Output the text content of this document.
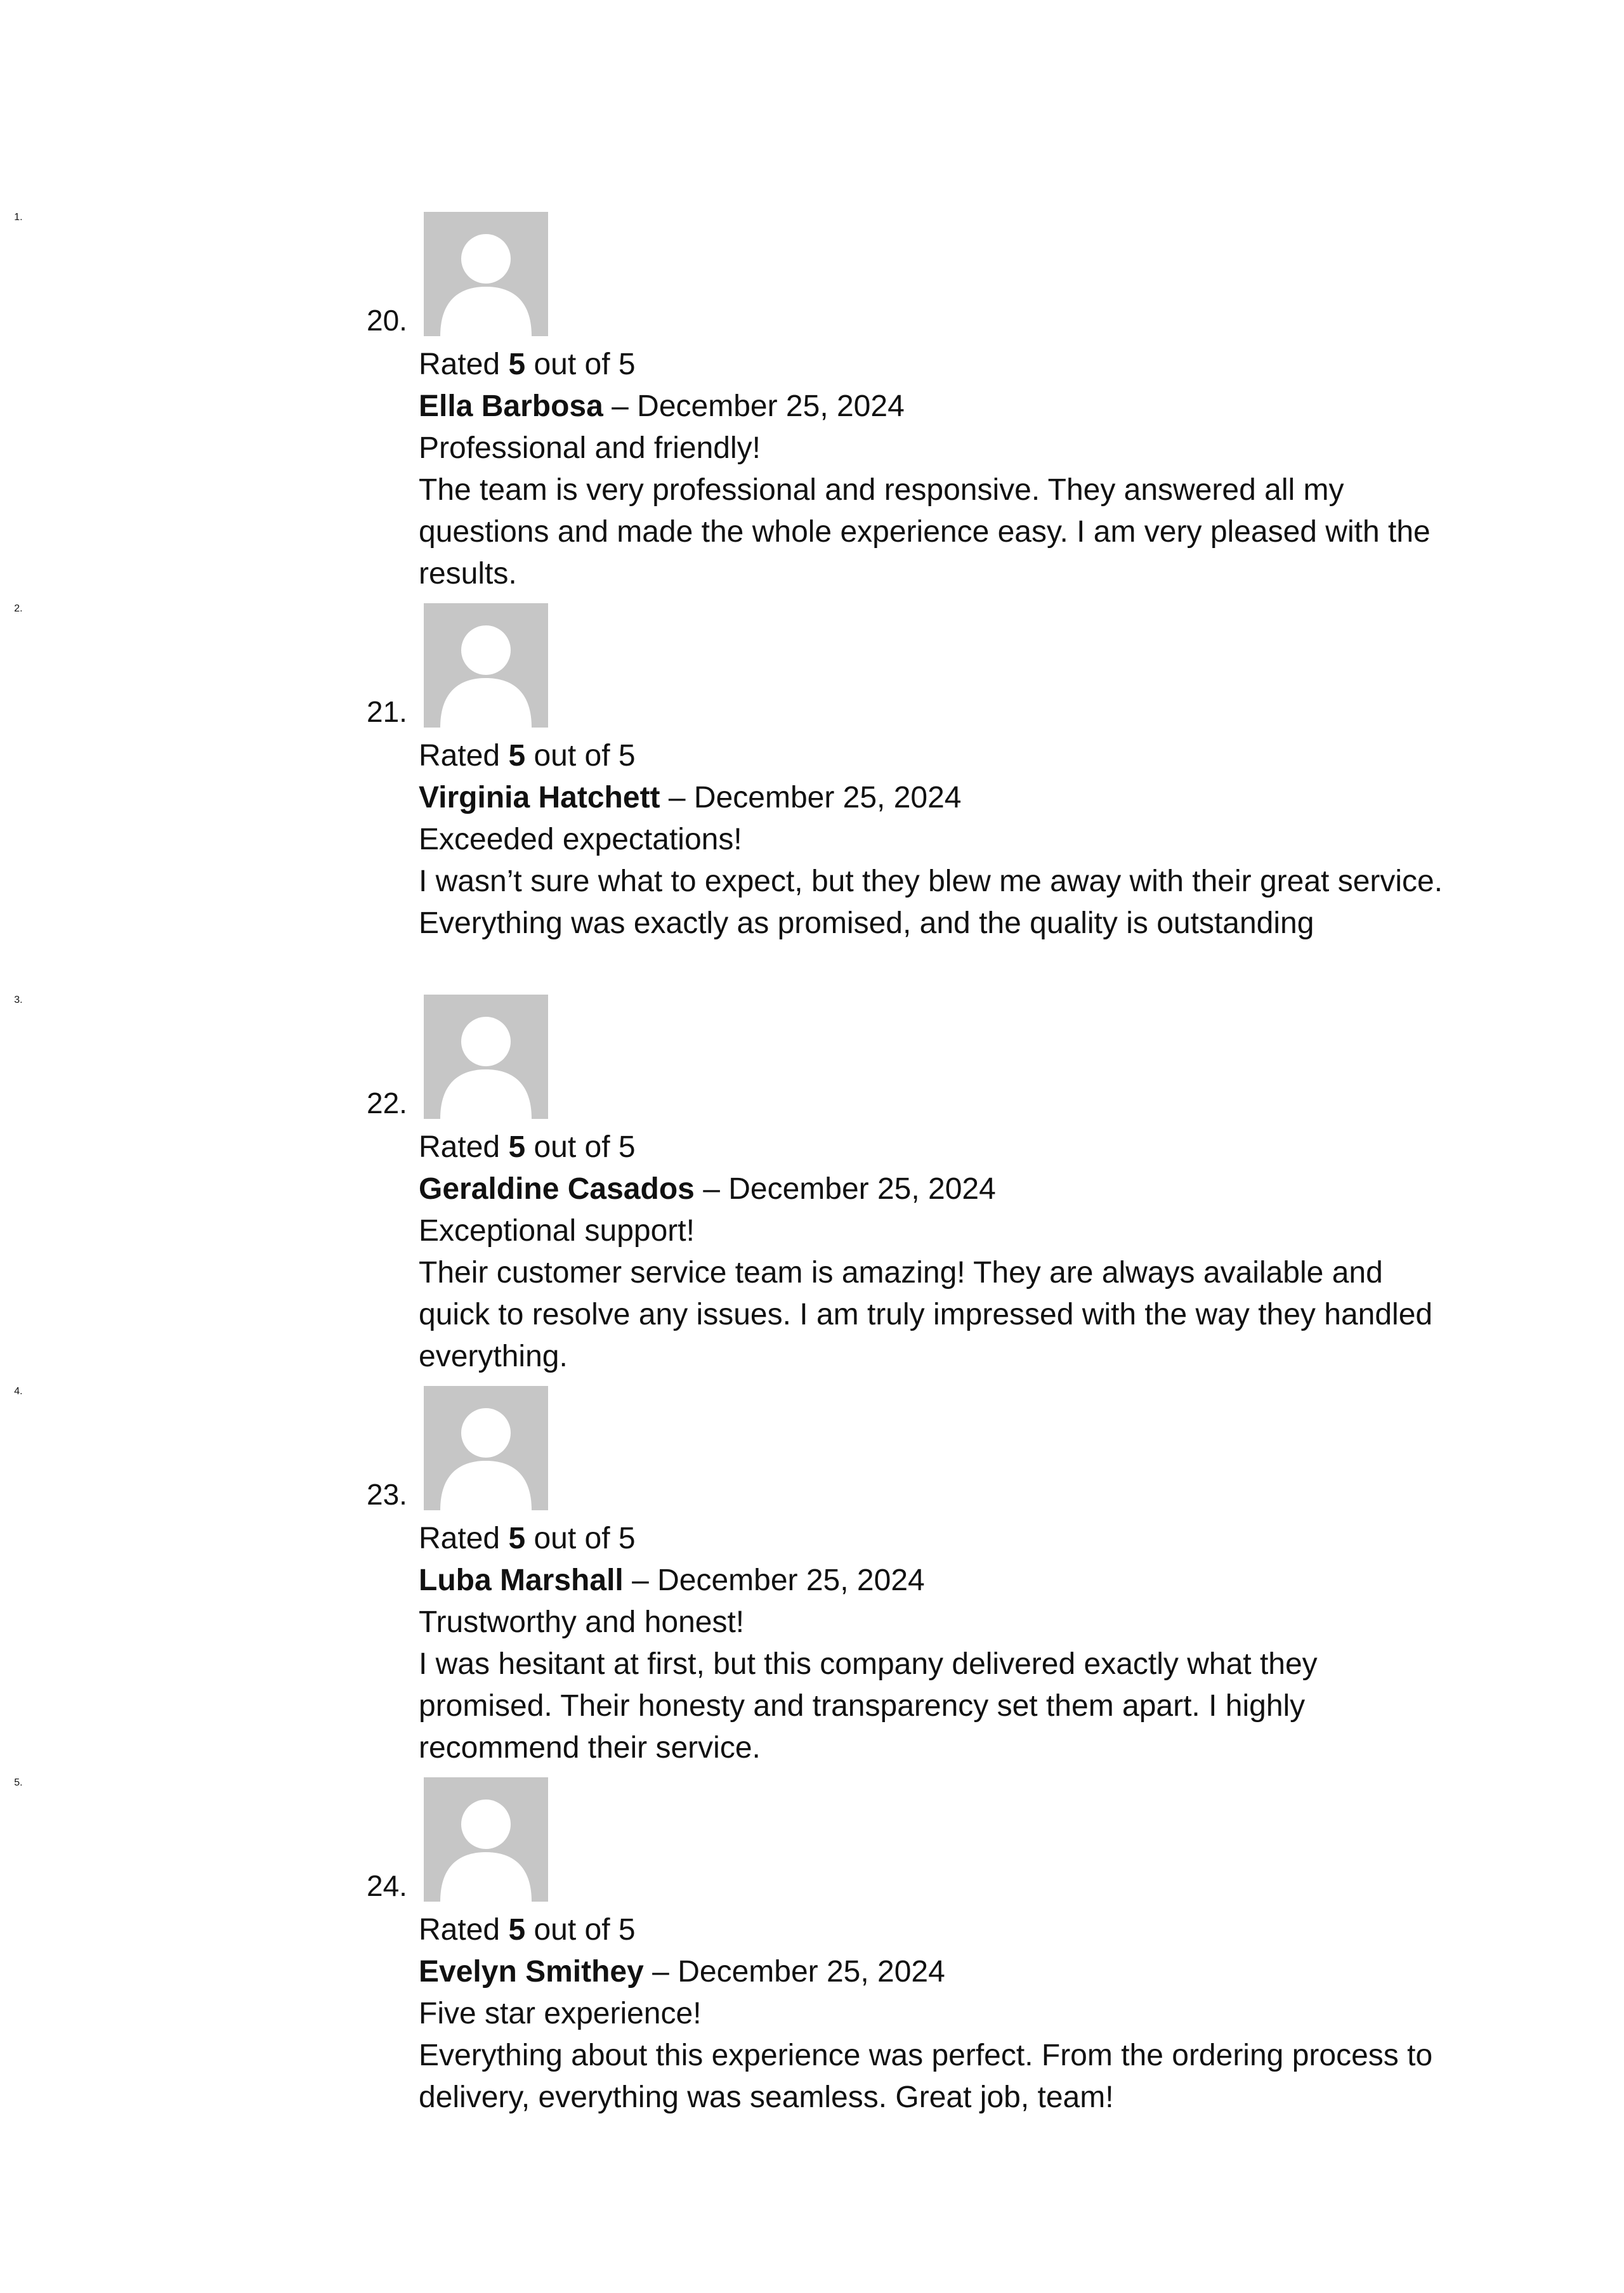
1. 20.

Rated 5 out of 5

Ella Barbosa – December 25, 2024

Professional and friendly!

The team is very professional and responsive. They answered all my questions and made the whole experience easy. I am very pleased with the results.

2. 21.

Rated 5 out of 5

Virginia Hatchett – December 25, 2024

Exceeded expectations!

I wasn’t sure what to expect, but they blew me away with their great service. Everything was exactly as promised, and the quality is outstanding

3. 22.

Rated 5 out of 5

Geraldine Casados – December 25, 2024

Exceptional support!

Their customer service team is amazing! They are always available and quick to resolve any issues. I am truly impressed with the way they handled everything.

4. 23.

Rated 5 out of 5

Luba Marshall – December 25, 2024

Trustworthy and honest!

I was hesitant at first, but this company delivered exactly what they promised. Their honesty and transparency set them apart. I highly recommend their service.

5. 24.

Rated 5 out of 5

Evelyn Smithey – December 25, 2024

Five star experience!

Everything about this experience was perfect. From the ordering process to delivery, everything was seamless. Great job, team!
